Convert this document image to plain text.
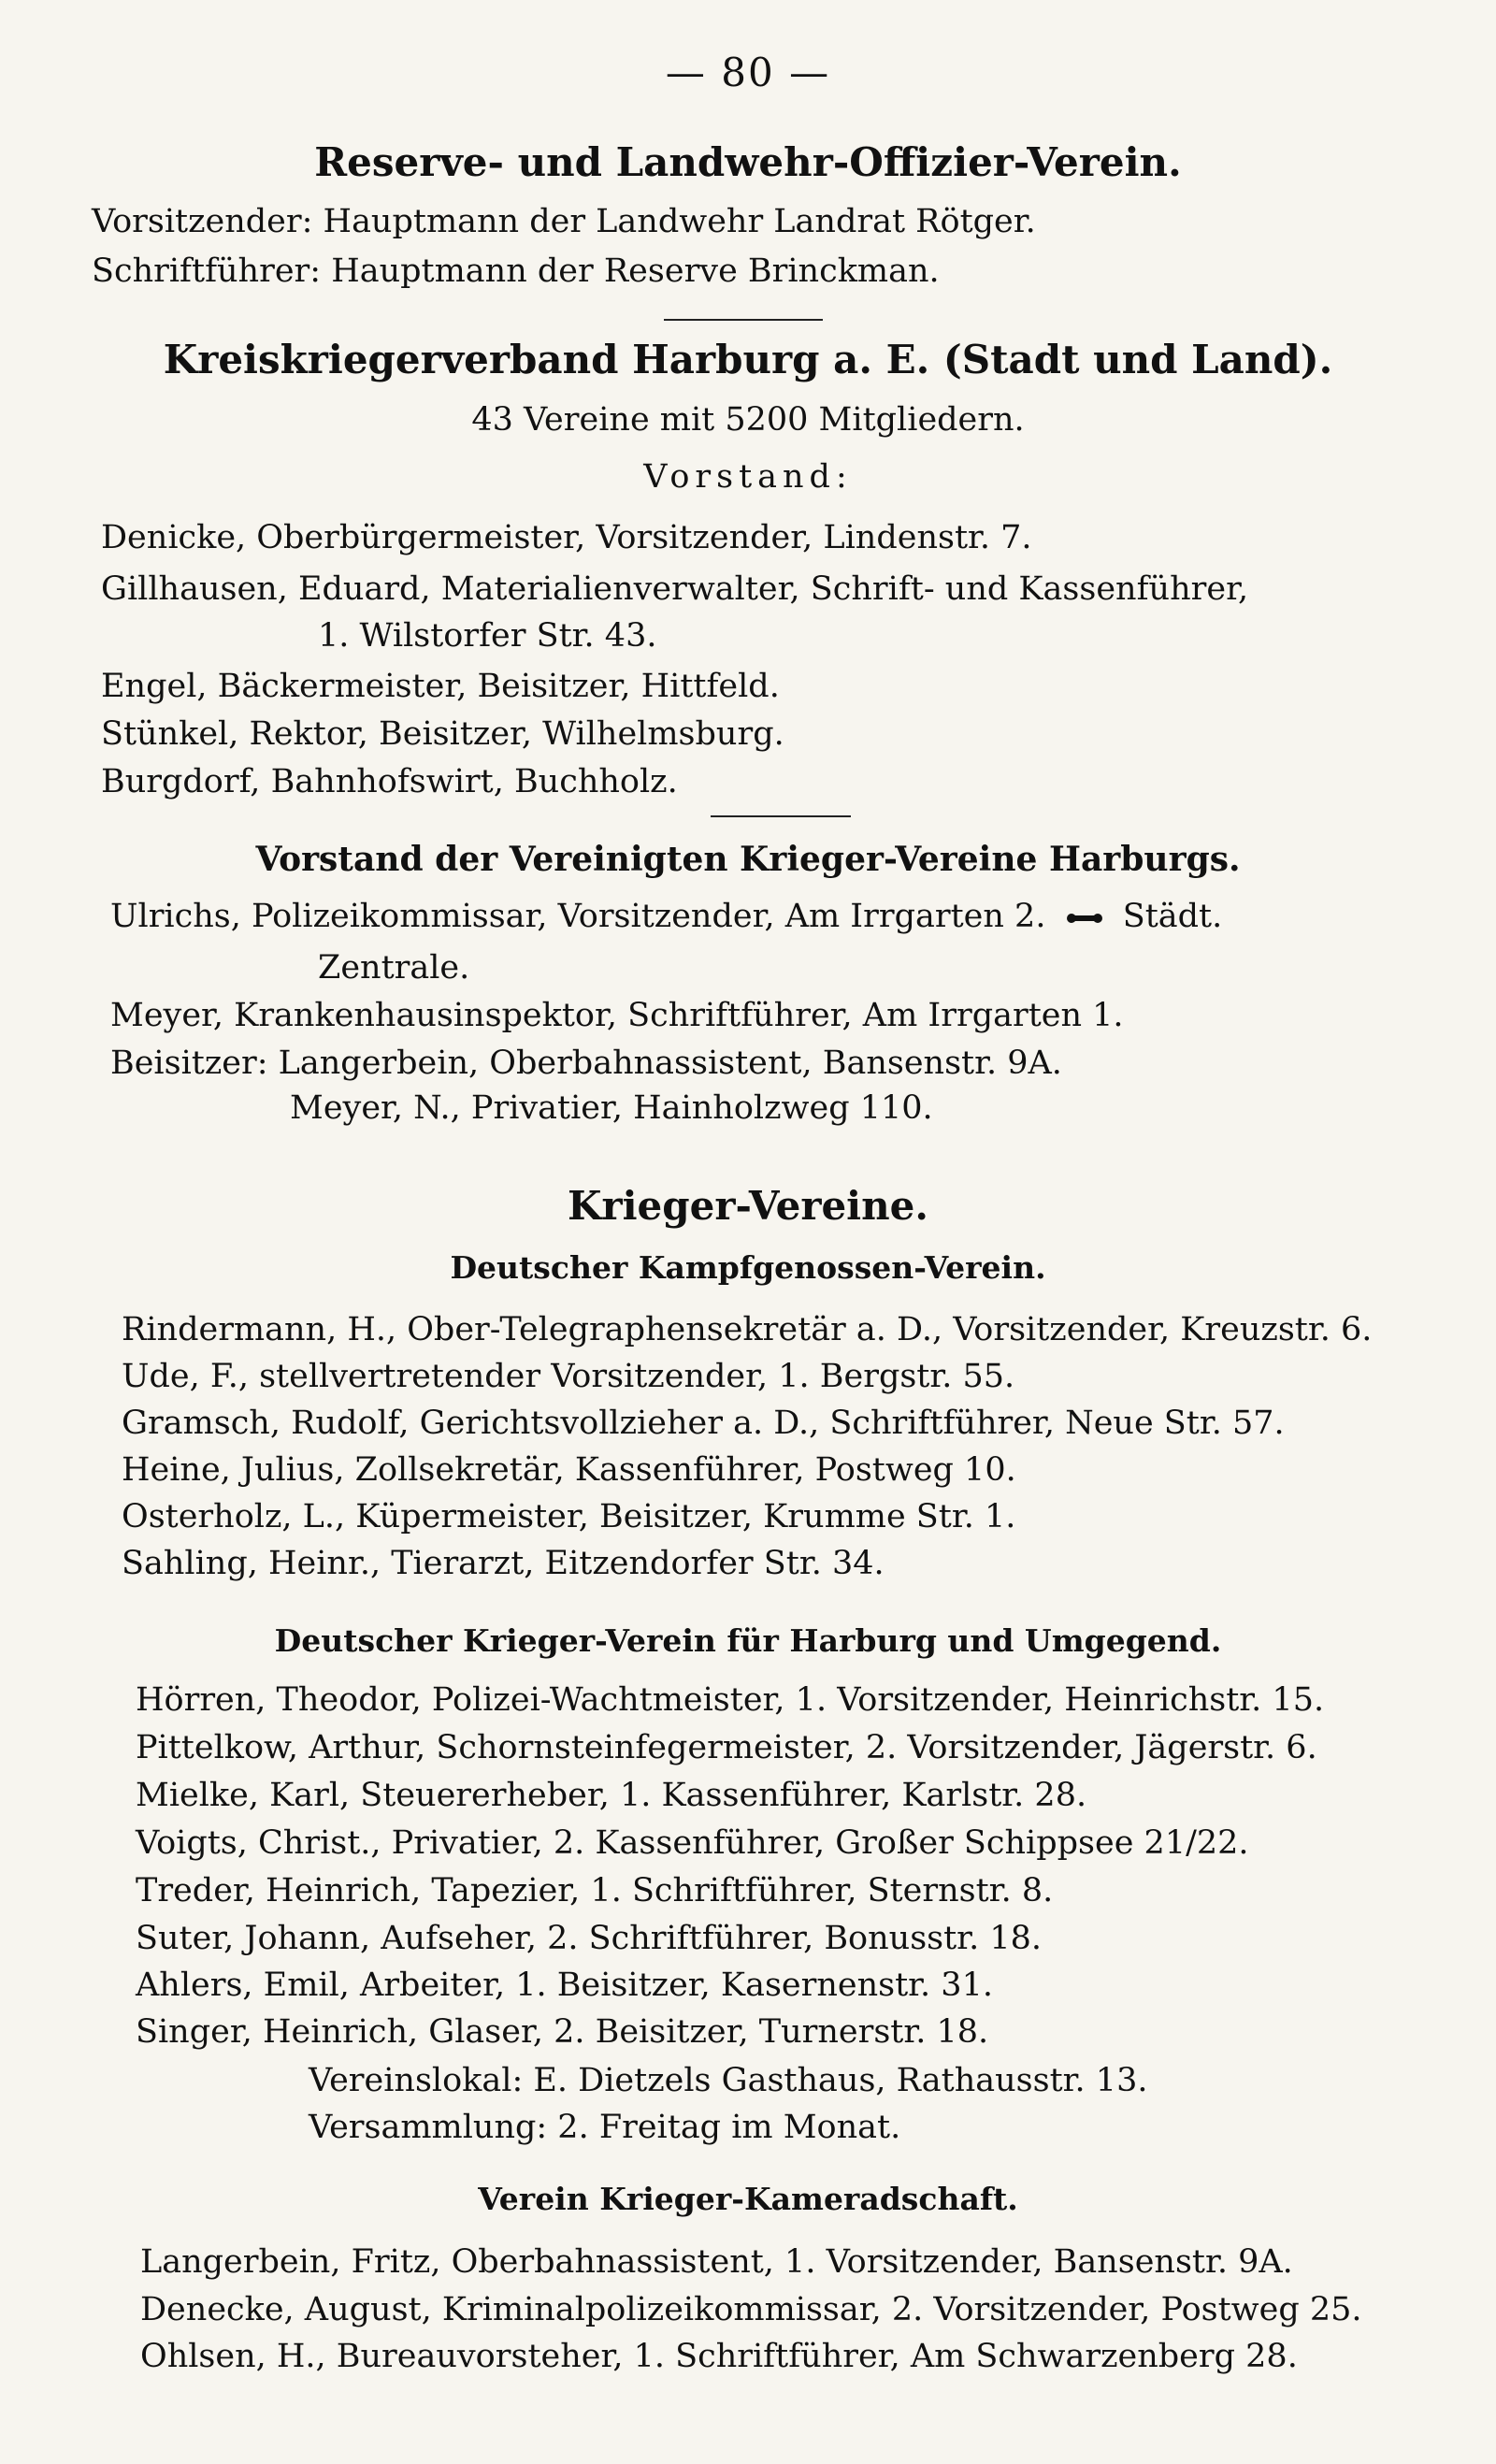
— 80 —
Reserve- und Landwehr-Offizier-Verein.
Vorsitzender: Hauptmann der Landwehr Landrat Rötger.
Schriftführer: Hauptmann der Reserve Brinckman.
Kreiskriegerverband Harburg a. E. (Stadt und Land).
43 Vereine mit 5200 Mitgliedern.
Vorstand:
Denicke, Oberbürgermeister, Vorsitzender, Lindenstr. 7.
Gillhausen, Eduard, Materialienverwalter, Schrift- und Kassenführer,
1. Wilstorfer Str. 43.
Engel, Bäckermeister, Beisitzer, Hittfeld.
Stünkel, Rektor, Beisitzer, Wilhelmsburg.
Burgdorf, Bahnhofswirt, Buchholz.
Vorstand der Vereinigten Krieger-Vereine Harburgs.
Ulrichs, Polizeikommissar, Vorsitzender, Am Irrgarten 2. Städt.
Zentrale.
Meyer, Krankenhausinspektor, Schriftführer, Am Irrgarten 1.
Beisitzer: Langerbein, Oberbahnassistent, Bansenstr. 9A.
Meyer, N., Privatier, Hainholzweg 110.
Krieger-Vereine.
Deutscher Kampfgenossen-Verein.
Rindermann, H., Ober-Telegraphensekretär a. D., Vorsitzender, Kreuzstr. 6.
Ude, F., stellvertretender Vorsitzender, 1. Bergstr. 55.
Gramsch, Rudolf, Gerichtsvollzieher a. D., Schriftführer, Neue Str. 57.
Heine, Julius, Zollsekretär, Kassenführer, Postweg 10.
Osterholz, L., Küpermeister, Beisitzer, Krumme Str. 1.
Sahling, Heinr., Tierarzt, Eitzendorfer Str. 34.
Deutscher Krieger-Verein für Harburg und Umgegend.
Hörren, Theodor, Polizei-Wachtmeister, 1. Vorsitzender, Heinrichstr. 15.
Pittelkow, Arthur, Schornsteinfegermeister, 2. Vorsitzender, Jägerstr. 6.
Mielke, Karl, Steuererheber, 1. Kassenführer, Karlstr. 28.
Voigts, Christ., Privatier, 2. Kassenführer, Großer Schippsee 21/22.
Treder, Heinrich, Tapezier, 1. Schriftführer, Sternstr. 8.
Suter, Johann, Aufseher, 2. Schriftführer, Bonusstr. 18.
Ahlers, Emil, Arbeiter, 1. Beisitzer, Kasernenstr. 31.
Singer, Heinrich, Glaser, 2. Beisitzer, Turnerstr. 18.
Vereinslokal: E. Dietzels Gasthaus, Rathausstr. 13.
Versammlung: 2. Freitag im Monat.
Verein Krieger-Kameradschaft.
Langerbein, Fritz, Oberbahnassistent, 1. Vorsitzender, Bansenstr. 9A.
Denecke, August, Kriminalpolizeikommissar, 2. Vorsitzender, Postweg 25.
Ohlsen, H., Bureauvorsteher, 1. Schriftführer, Am Schwarzenberg 28.
